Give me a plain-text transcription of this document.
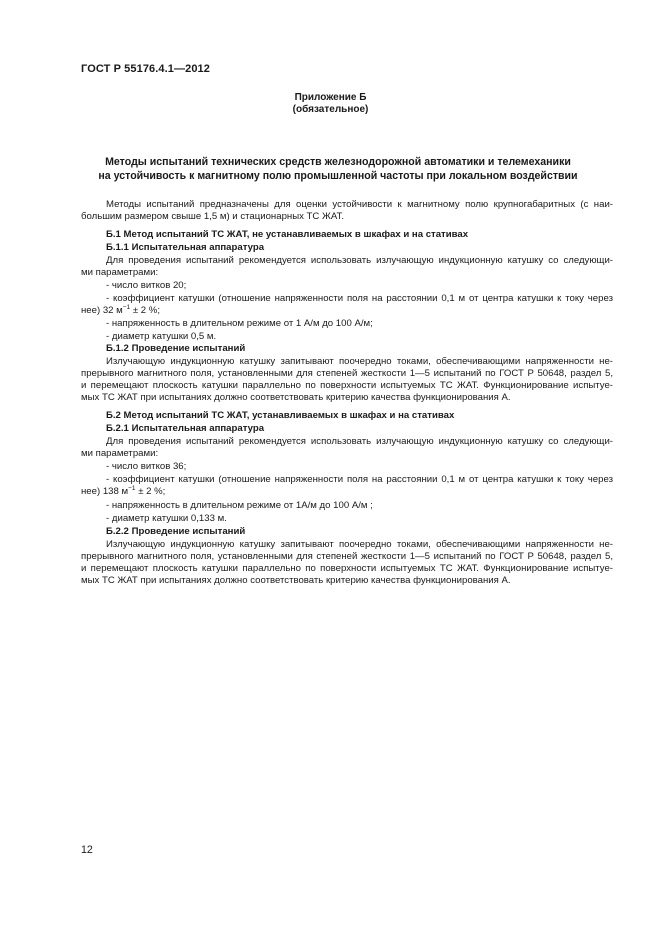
ГОСТ Р 55176.4.1—2012
Приложение Б
(обязательное)
Методы испытаний технических средств железнодорожной автоматики и телемеханики
на устойчивость к магнитному полю промышленной частоты при локальном воздействии
Методы испытаний предназначены для оценки устойчивости к магнитному полю крупногабаритных (с наи-
большим размером свыше 1,5 м) и стационарных ТС ЖАТ.
Б.1 Метод испытаний ТС ЖАТ, не устанавливаемых в шкафах и на стативах
Б.1.1 Испытательная аппаратура
Для проведения испытаний рекомендуется использовать излучающую индукционную катушку со следующи-
ми параметрами:
- число витков 20;
- коэффициент катушки (отношение напряженности поля на расстоянии 0,1 м от центра катушки к току через
нее) 32 $м^{-1} \pm 2$ %;
- напряженность в длительном режиме от 1 А/м до 100 А/м;
- диаметр катушки 0,5 м.
Б.1.2 Проведение испытаний
Излучающую индукционную катушку запитывают поочередно токами, обеспечивающими напряженности не-
прерывного магнитного поля, установленными для степеней жесткости 1—5 испытаний по ГОСТ Р 50648, раздел 5,
и перемещают плоскость катушки параллельно по поверхности испытуемых ТС ЖАТ. Функционирование испытуе-
мых ТС ЖАТ при испытаниях должно соответствовать критерию качества функционирования А.
Б.2 Метод испытаний ТС ЖАТ, устанавливаемых в шкафах и на стативах
Б.2.1 Испытательная аппаратура
Для проведения испытаний рекомендуется использовать излучающую индукционную катушку со следующи-
ми параметрами:
- число витков 36;
- коэффициент катушки (отношение напряженности поля на расстоянии 0,1 м от центра катушки к току через
нее) 138 $м^{-1} \pm 2$ %;
- напряженность в длительном режиме от 1А/м до 100 А/м ;
- диаметр катушки 0,133 м.
Б.2.2 Проведение испытаний
Излучающую индукционную катушку запитывают поочередно токами, обеспечивающими напряженности не-
прерывного магнитного поля, установленными для степеней жесткости 1—5 испытаний по ГОСТ Р 50648, раздел 5,
и перемещают плоскость катушки параллельно по поверхности испытуемых ТС ЖАТ. Функционирование испытуе-
мых ТС ЖАТ при испытаниях должно соответствовать критерию качества функционирования А.
12
